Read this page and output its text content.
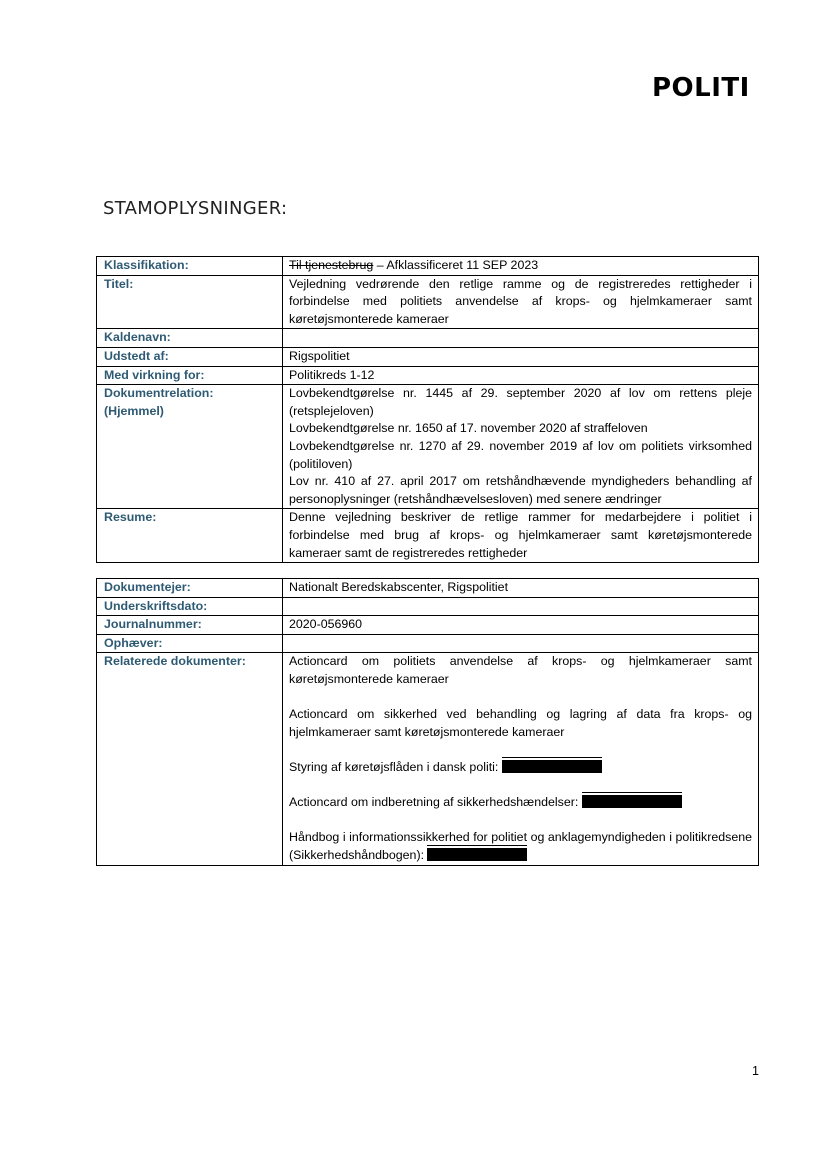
POLITI
STAMOPLYSNINGER:
Klassifikation:	Til tjenestebrug – Afklassificeret 11 SEP 2023
Titel:	Vejledning vedrørende den retlige ramme og de registreredes rettigheder i forbindelse med politiets anvendelse af krops- og hjelmkameraer samt køretøjsmonterede kameraer
Kaldenavn:	
Udstedt af:	Rigspolitiet
Med virkning for:	Politikreds 1-12

Dokumentrelation:
(Hjemmel)	Lovbekendtgørelse nr. 1445 af 29. september 2020 af lov om rettens pleje (retsplejeloven)
Lovbekendtgørelse nr. 1650 af 17. november 2020 af straffeloven
Lovbekendtgørelse nr. 1270 af 29. november 2019 af lov om politiets virksomhed (politiloven)
Lov nr. 410 af 27. april 2017 om retshåndhævende myndigheders behandling af personoplysninger (retshåndhævelsesloven) med senere ændringer

Resume:	Denne vejledning beskriver de retlige rammer for medarbejdere i politiet i forbindelse med brug af krops- og hjelmkameraer samt køretøjsmonterede kameraer samt de registreredes rettigheder
Dokumentejer:	Nationalt Beredskabscenter, Rigspolitiet
Underskriftsdato:	
Journalnummer:	2020-056960
Ophæver:	
Relaterede dokumenter:	Actioncard om politiets anvendelse af krops- og hjelmkameraer samt køretøjsmonterede kameraer
Actioncard om sikkerhed ved behandling og lagring af data fra krops- og hjelmkameraer samt køretøjsmonterede kameraer
Styring af køretøjsflåden i dansk politi:
Actioncard om indberetning af sikkerhedshændelser:
Håndbog i informationssikkerhed for politiet og anklagemyndigheden i politikredsene (Sikkerhedshåndbogen):
1
